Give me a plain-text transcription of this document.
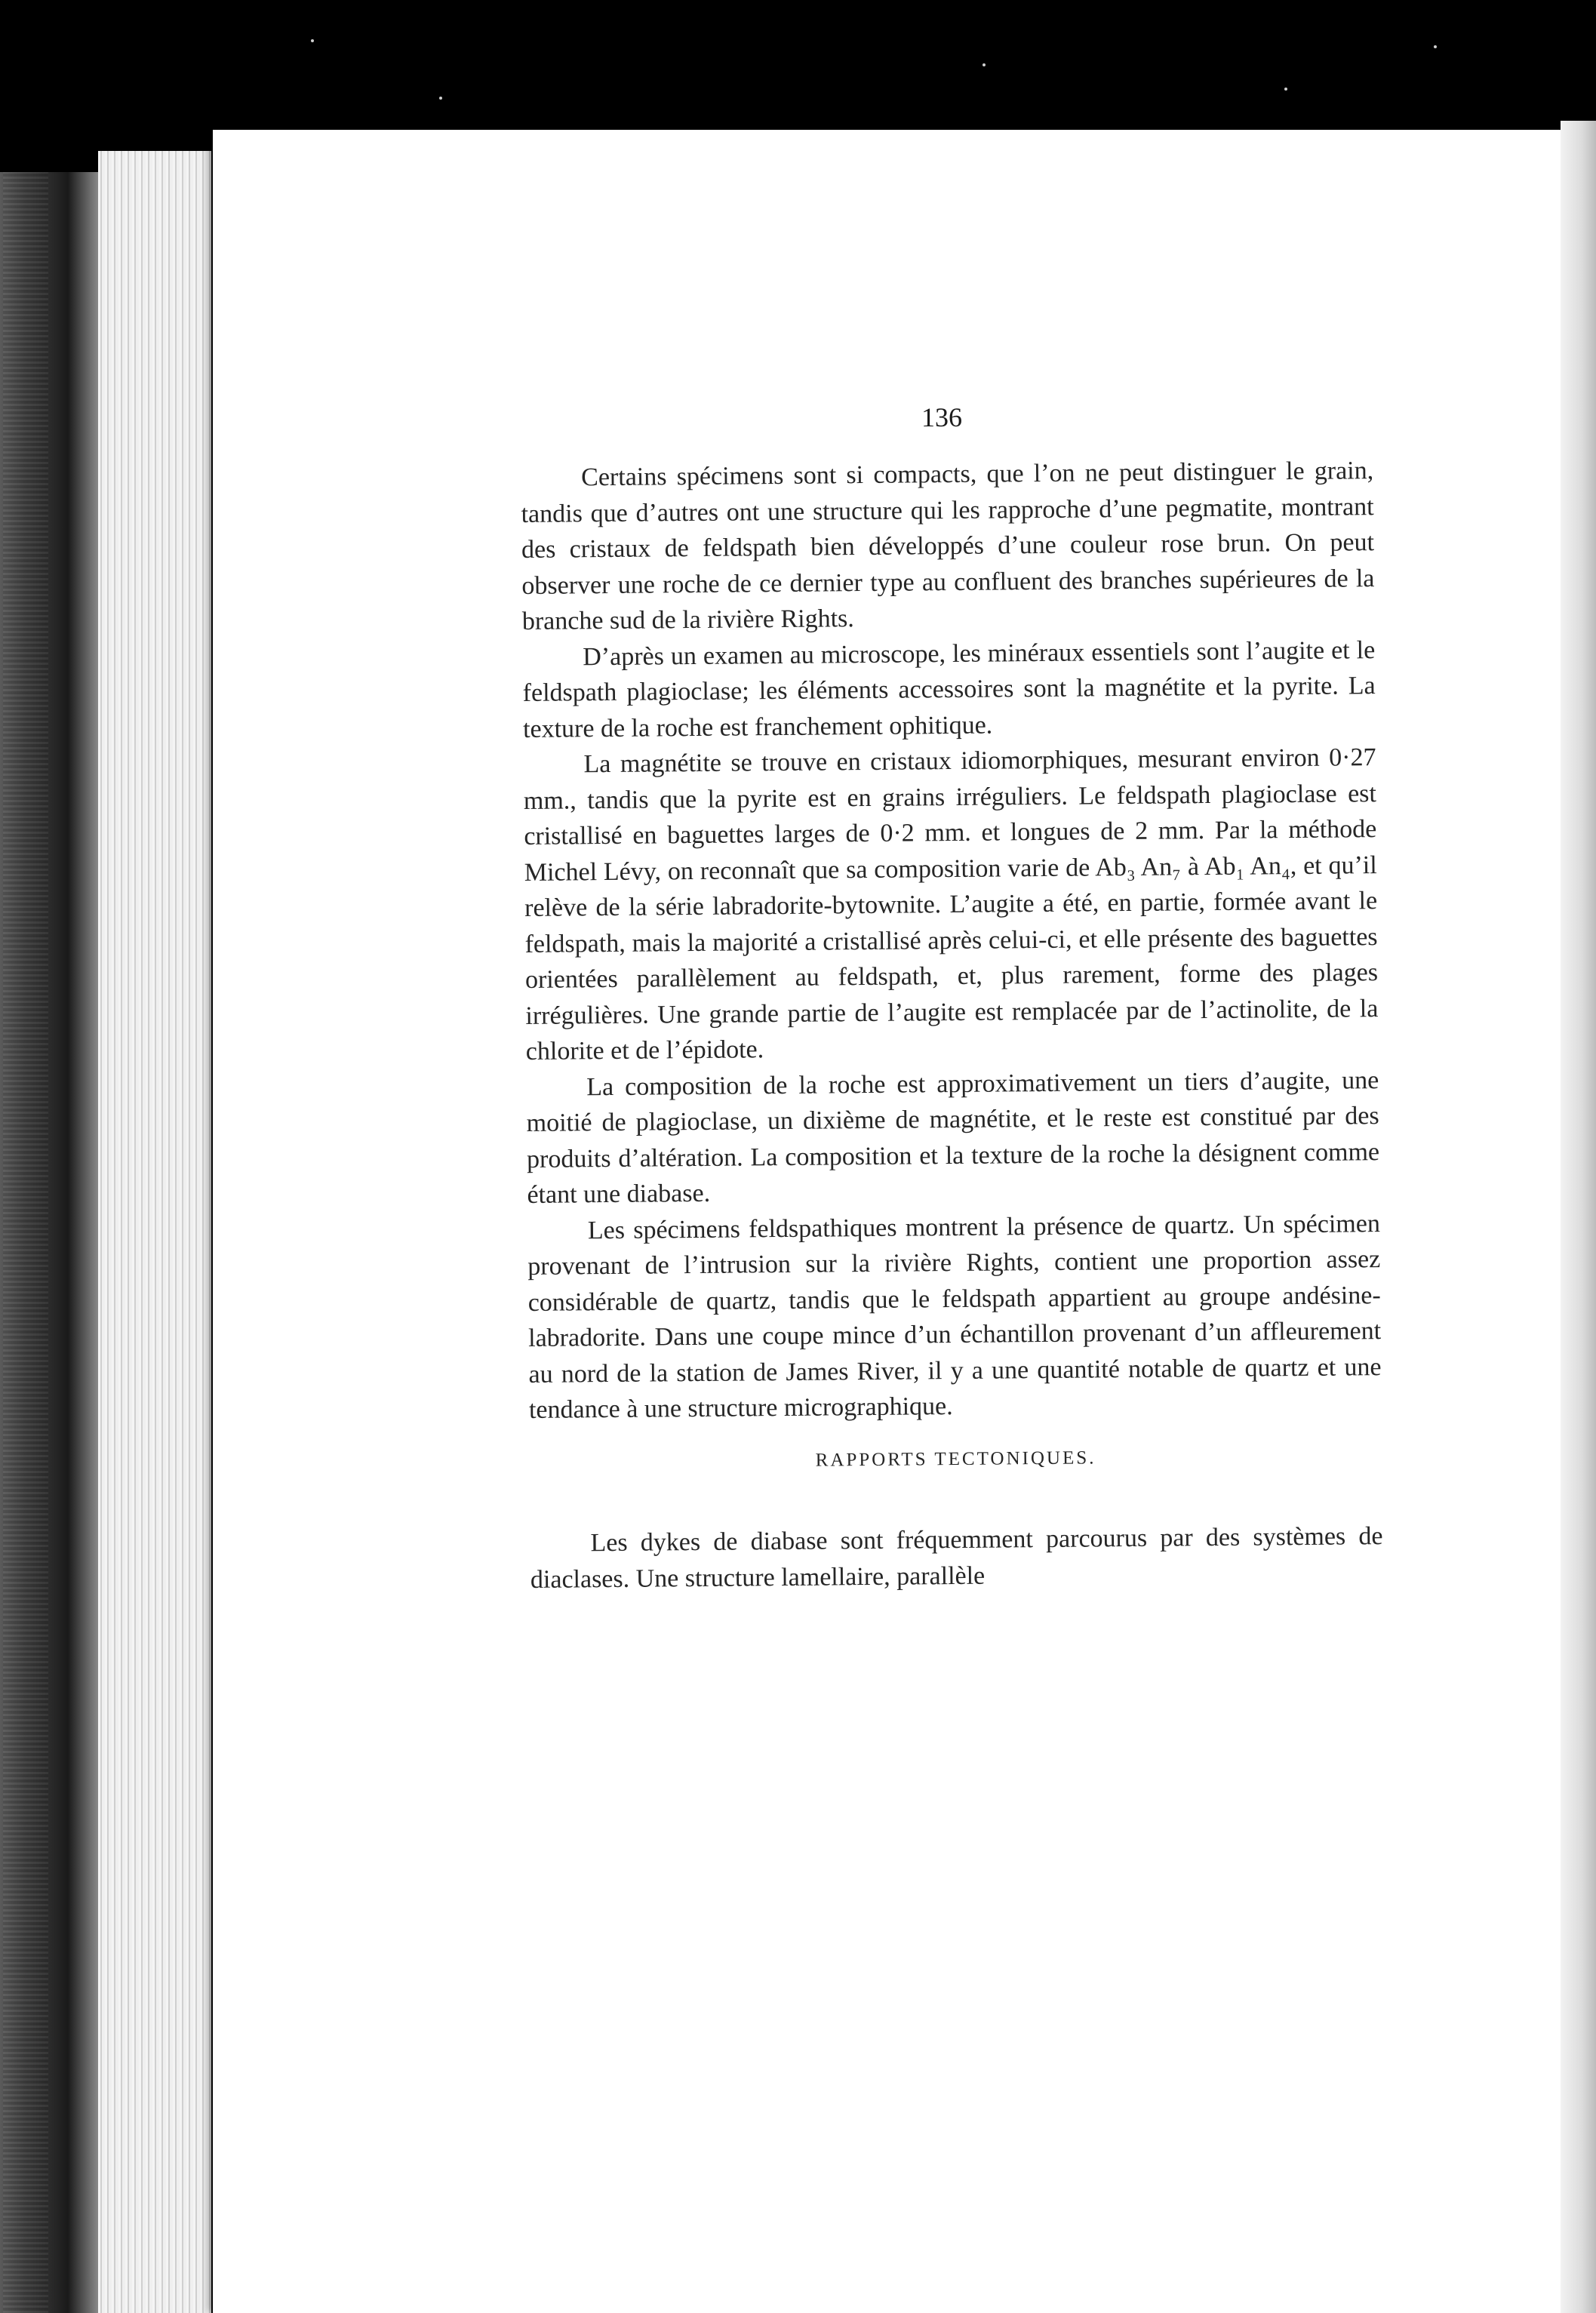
136

Certains spécimens sont si compacts, que l’on ne peut distinguer le grain, tandis que d’autres ont une structure qui les rapproche d’une pegmatite, montrant des cristaux de feldspath bien développés d’une couleur rose brun. On peut observer une roche de ce dernier type au confluent des branches supérieures de la branche sud de la rivière Rights.

D’après un examen au microscope, les minéraux essentiels sont l’augite et le feldspath plagioclase; les éléments accessoires sont la magnétite et la pyrite. La texture de la roche est franchement ophitique.

La magnétite se trouve en cristaux idiomorphiques, mesurant environ 0·27 mm., tandis que la pyrite est en grains irréguliers. Le feldspath plagioclase est cristallisé en baguettes larges de 0·2 mm. et longues de 2 mm. Par la méthode Michel Lévy, on reconnaît que sa composition varie de Ab₃ An₇ à Ab₁ An₄, et qu’il relève de la série labradorite-bytownite. L’augite a été, en partie, formée avant le feldspath, mais la majorité a cristallisé après celui-ci, et elle présente des baguettes orientées parallèlement au feldspath, et, plus rarement, forme des plages irrégulières. Une grande partie de l’augite est remplacée par de l’actinolite, de la chlorite et de l’épidote.

La composition de la roche est approximativement un tiers d’augite, une moitié de plagioclase, un dixième de magnétite, et le reste est constitué par des produits d’altération. La composition et la texture de la roche la désignent comme étant une diabase.

Les spécimens feldspathiques montrent la présence de quartz. Un spécimen provenant de l’intrusion sur la rivière Rights, contient une proportion assez considérable de quartz, tandis que le feldspath appartient au groupe andésine-labradorite. Dans une coupe mince d’un échantillon provenant d’un affleurement au nord de la station de James River, il y a une quantité notable de quartz et une tendance à une structure micrographique.

RAPPORTS TECTONIQUES.

Les dykes de diabase sont fréquemment parcourus par des systèmes de diaclases. Une structure lamellaire, parallèle
